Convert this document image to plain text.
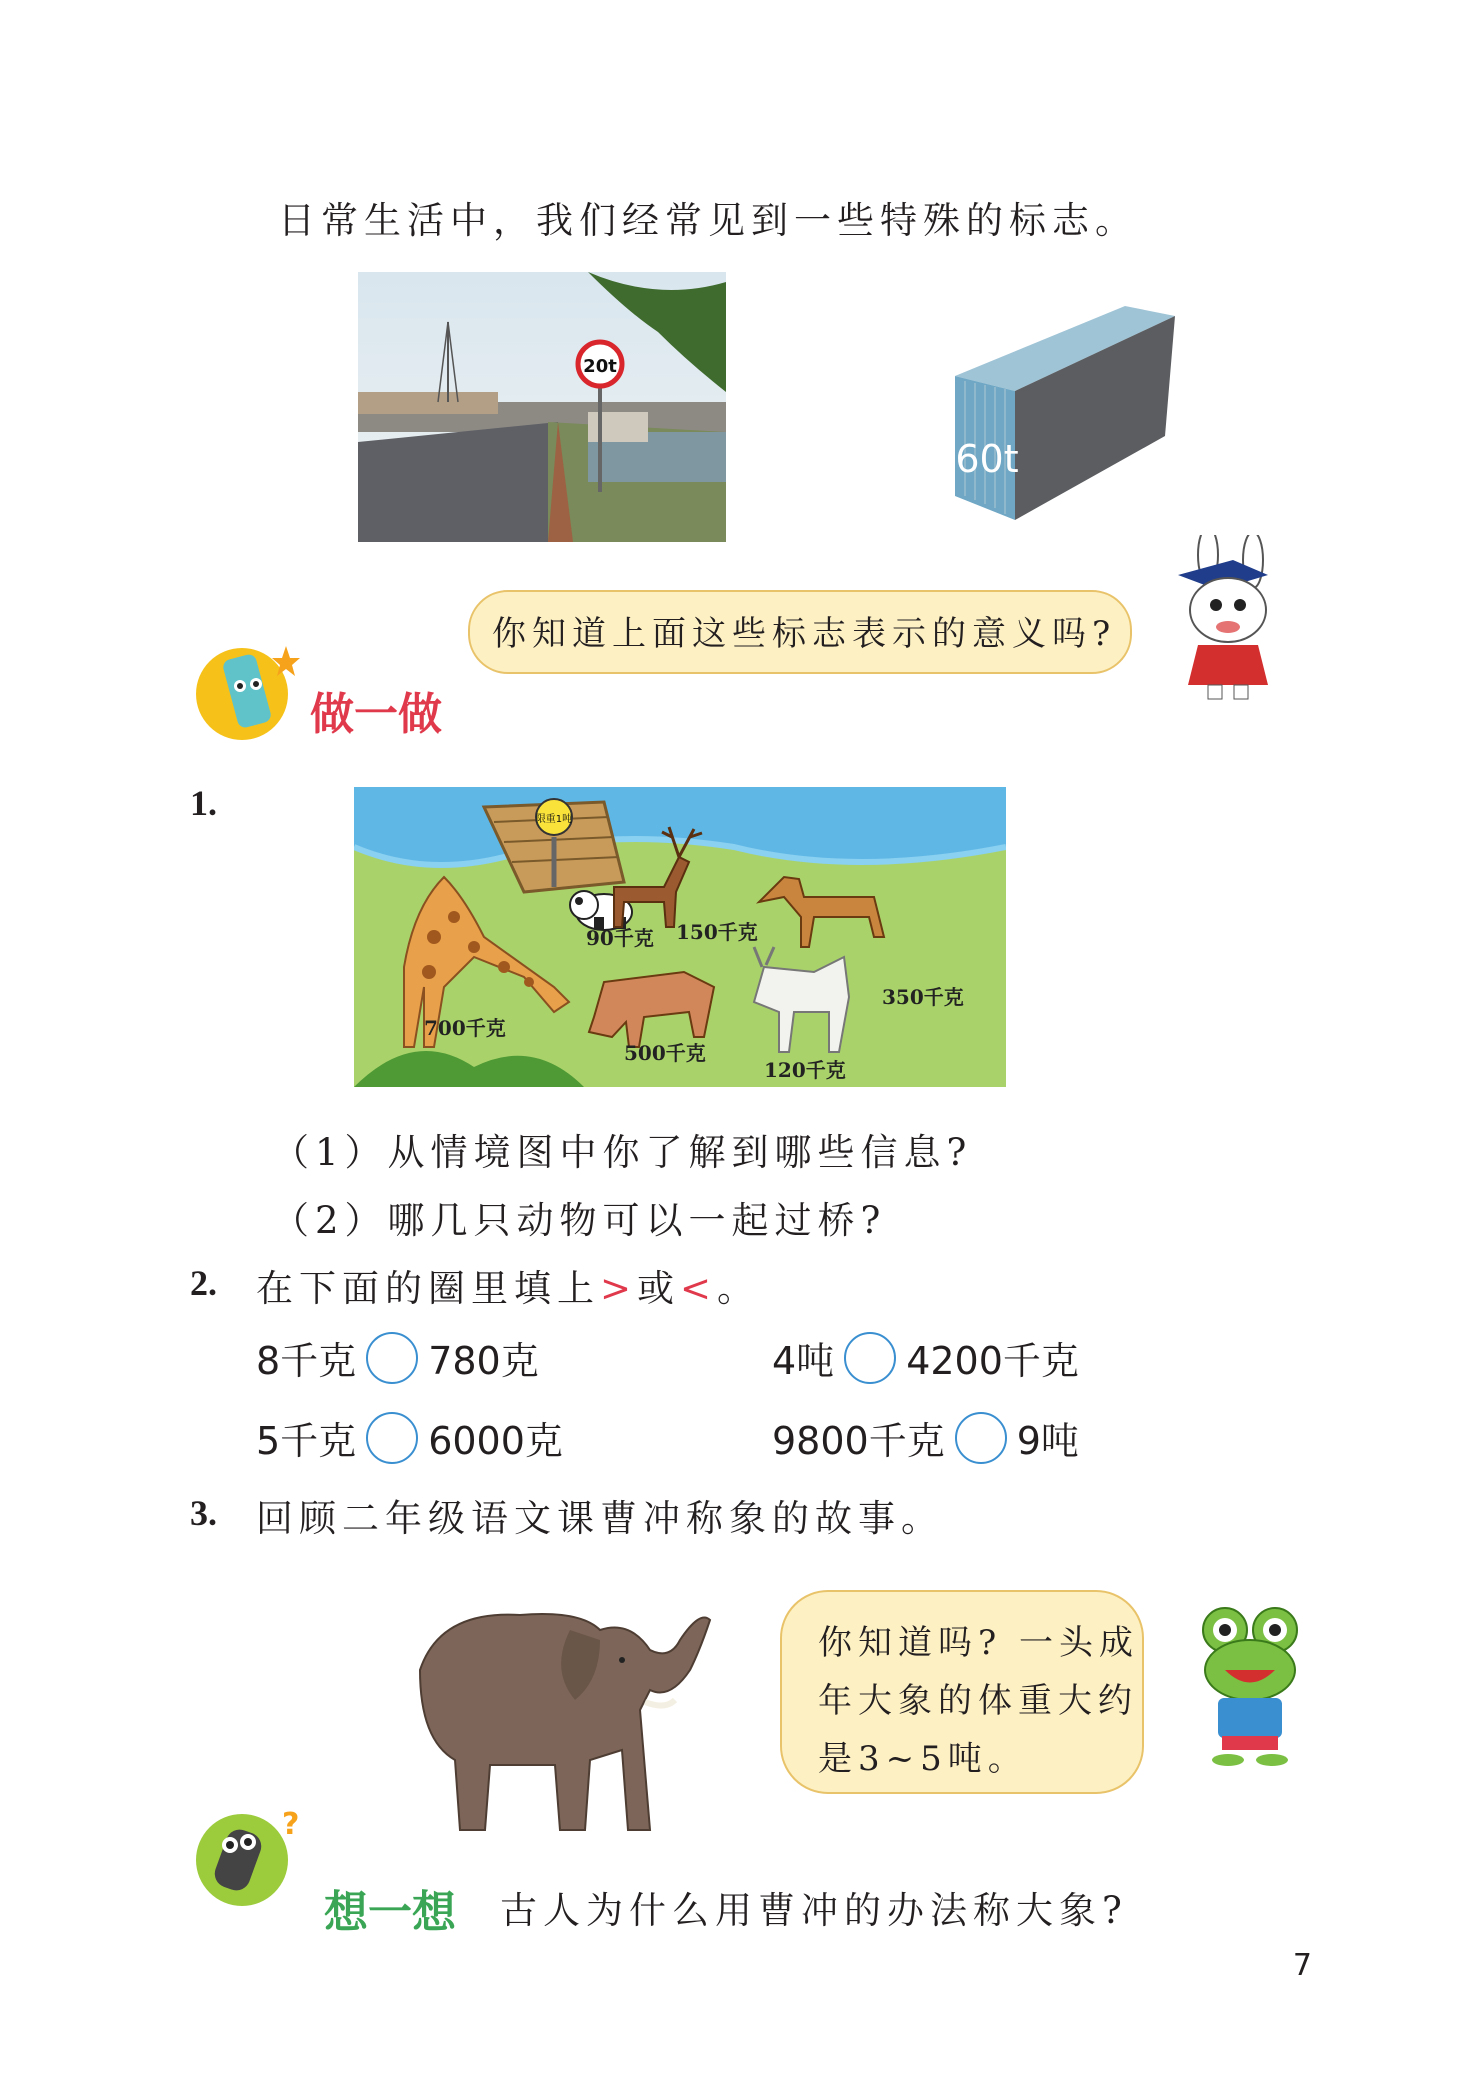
日常生活中，我们经常见到一些特殊的标志。
20t
60t
你知道上面这些标志表示的意义吗?
做一做
1.	限重1吨
700千克
90千克 150千克
350千克
500千克
120千克
（1）从情境图中你了解到哪些信息?
（2）哪几只动物可以一起过桥?
2. 在下面的圈里填上>或<。
8千克 780克	4吨 4200千克
5千克 6000克	9800千克 9吨
3. 回顾二年级语文课曹冲称象的故事。
你知道吗? 一头成
年大象的体重大约
是3~5吨。
?
想一想 古人为什么用曹冲的办法称大象?
7
